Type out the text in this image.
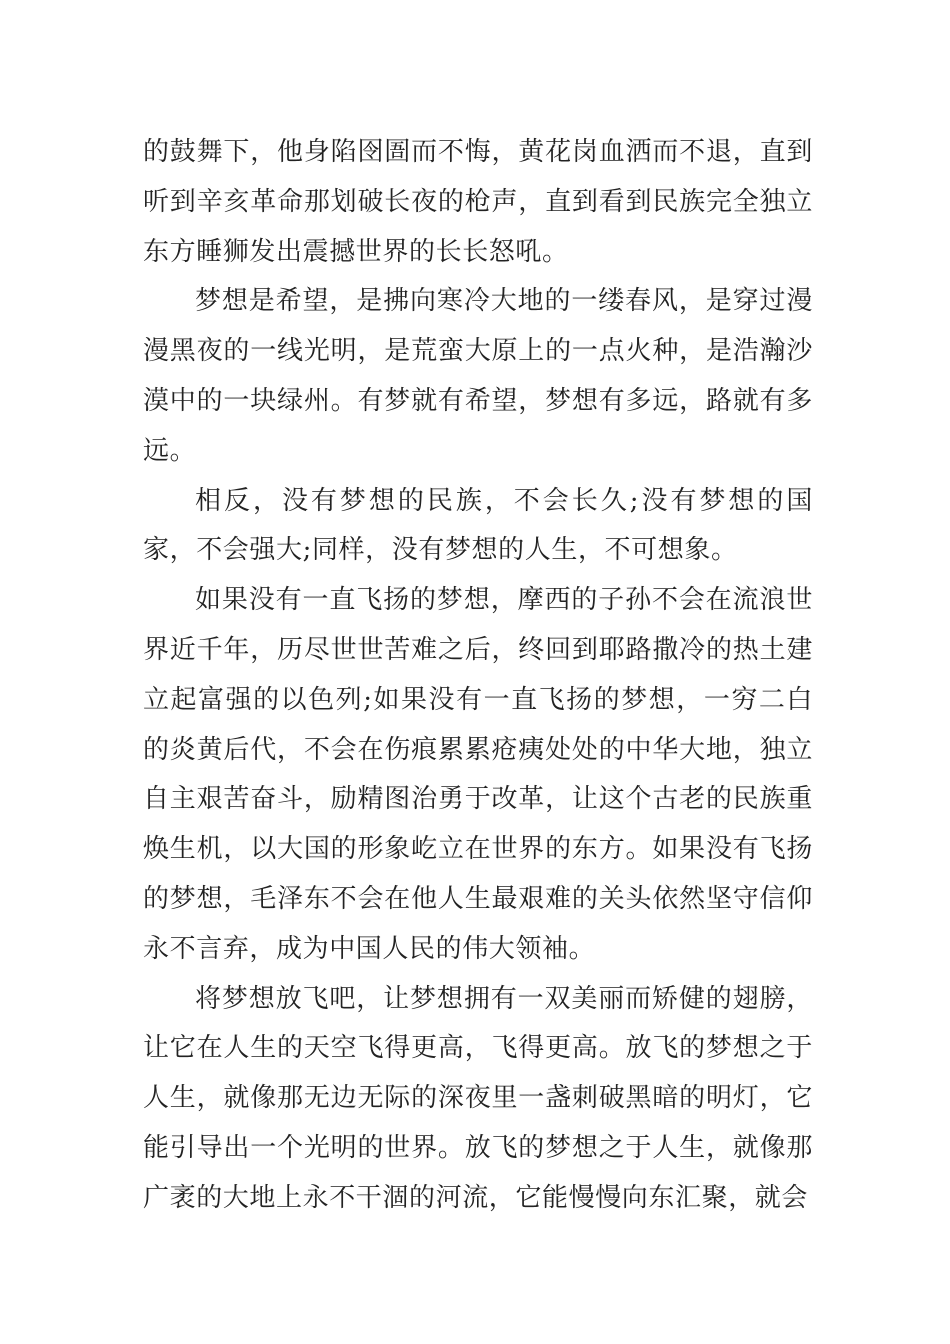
的鼓舞下，他身陷囹圄而不悔，黄花岗血洒而不退，直到听到辛亥革命那划破长夜的枪声，直到看到民族完全独立东方睡狮发出震撼世界的长长怒吼。

梦想是希望，是拂向寒冷大地的一缕春风，是穿过漫漫黑夜的一线光明，是荒蛮大原上的一点火种，是浩瀚沙漠中的一块绿州。有梦就有希望，梦想有多远，路就有多远。

相反，没有梦想的民族，不会长久;没有梦想的国家，不会强大;同样，没有梦想的人生，不可想象。

如果没有一直飞扬的梦想，摩西的子孙不会在流浪世界近千年，历尽世世苦难之后，终回到耶路撒冷的热土建立起富强的以色列;如果没有一直飞扬的梦想，一穷二白的炎黄后代，不会在伤痕累累疮痍处处的中华大地，独立自主艰苦奋斗，励精图治勇于改革，让这个古老的民族重焕生机，以大国的形象屹立在世界的东方。如果没有飞扬的梦想，毛泽东不会在他人生最艰难的关头依然坚守信仰永不言弃，成为中国人民的伟大领袖。

将梦想放飞吧，让梦想拥有一双美丽而矫健的翅膀，让它在人生的天空飞得更高，飞得更高。放飞的梦想之于人生，就像那无边无际的深夜里一盏刺破黑暗的明灯，它能引导出一个光明的世界。放飞的梦想之于人生，就像那广袤的大地上永不干涸的河流，它能慢慢向东汇聚，就会
